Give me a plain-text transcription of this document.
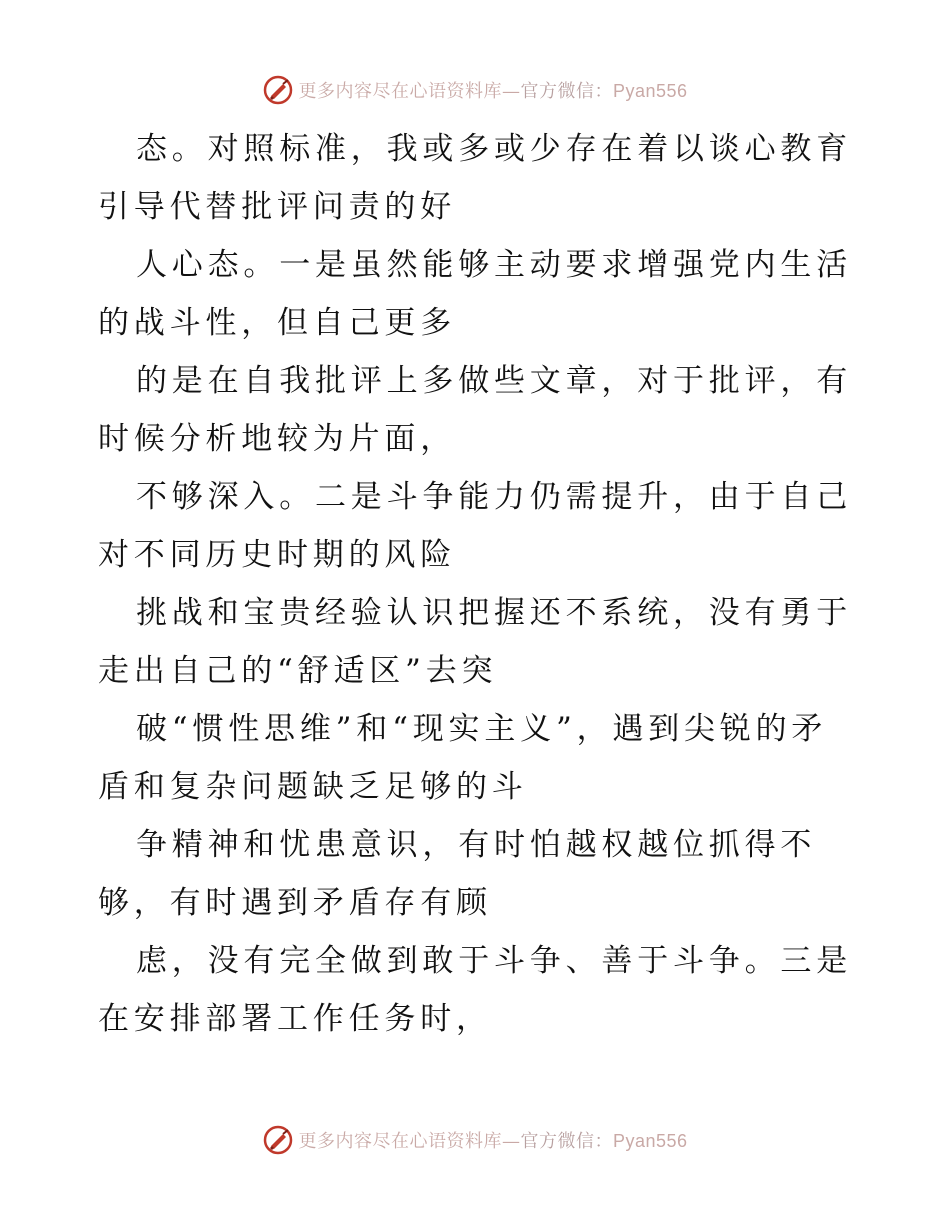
更多内容尽在心语资料库—官方微信：Pyan556

态。对照标准，我或多或少存在着以谈心教育引导代替批评问责的好

人心态。一是虽然能够主动要求增强党内生活的战斗性，但自己更多

的是在自我批评上多做些文章，对于批评，有时候分析地较为片面，

不够深入。二是斗争能力仍需提升，由于自己对不同历史时期的风险

挑战和宝贵经验认识把握还不系统，没有勇于走出自己的“舒适区”去突

破“惯性思维”和“现实主义”，遇到尖锐的矛盾和复杂问题缺乏足够的斗

争精神和忧患意识，有时怕越权越位抓得不够，有时遇到矛盾存有顾

虑，没有完全做到敢于斗争、善于斗争。三是在安排部署工作任务时，

更多内容尽在心语资料库—官方微信：Pyan556
